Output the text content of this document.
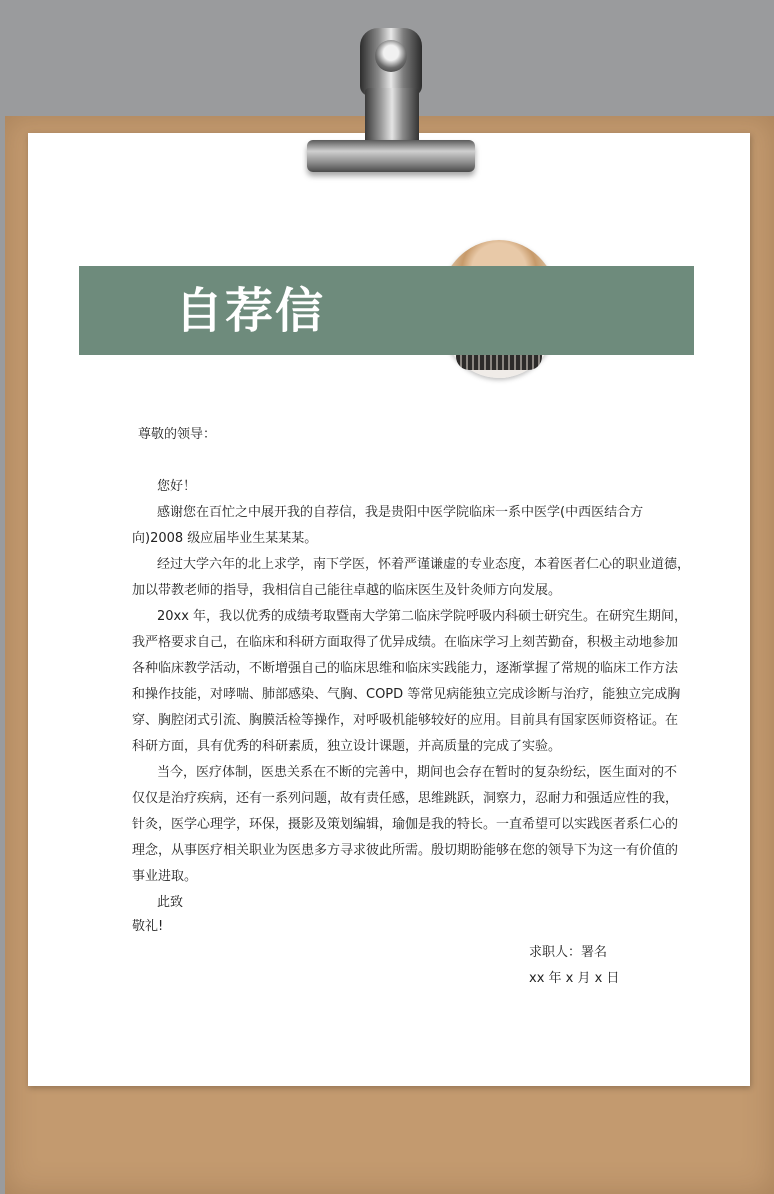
自荐信
尊敬的领导：
您好！
感谢您在百忙之中展开我的自荐信，我是贵阳中医学院临床一系中医学(中西医结合方
向)2008 级应届毕业生某某某。
经过大学六年的北上求学，南下学医，怀着严谨谦虚的专业态度，本着医者仁心的职业道德，
加以带教老师的指导，我相信自己能往卓越的临床医生及针灸师方向发展。
20xx 年，我以优秀的成绩考取暨南大学第二临床学院呼吸内科硕士研究生。在研究生期间，
我严格要求自己，在临床和科研方面取得了优异成绩。在临床学习上刻苦勤奋，积极主动地参加
各种临床教学活动，不断增强自己的临床思维和临床实践能力，逐渐掌握了常规的临床工作方法
和操作技能，对哮喘、肺部感染、气胸、COPD 等常见病能独立完成诊断与治疗，能独立完成胸
穿、胸腔闭式引流、胸膜活检等操作，对呼吸机能够较好的应用。目前具有国家医师资格证。在
科研方面，具有优秀的科研素质，独立设计课题，并高质量的完成了实验。
当今，医疗体制，医患关系在不断的完善中，期间也会存在暂时的复杂纷纭，医生面对的不
仅仅是治疗疾病，还有一系列问题，故有责任感，思维跳跃，洞察力，忍耐力和强适应性的我，
针灸，医学心理学，环保，摄影及策划编辑，瑜伽是我的特长。一直希望可以实践医者系仁心的
理念，从事医疗相关职业为医患多方寻求彼此所需。殷切期盼能够在您的领导下为这一有价值的
事业进取。
此致
敬礼!
求职人：署名
xx 年 x 月 x 日
